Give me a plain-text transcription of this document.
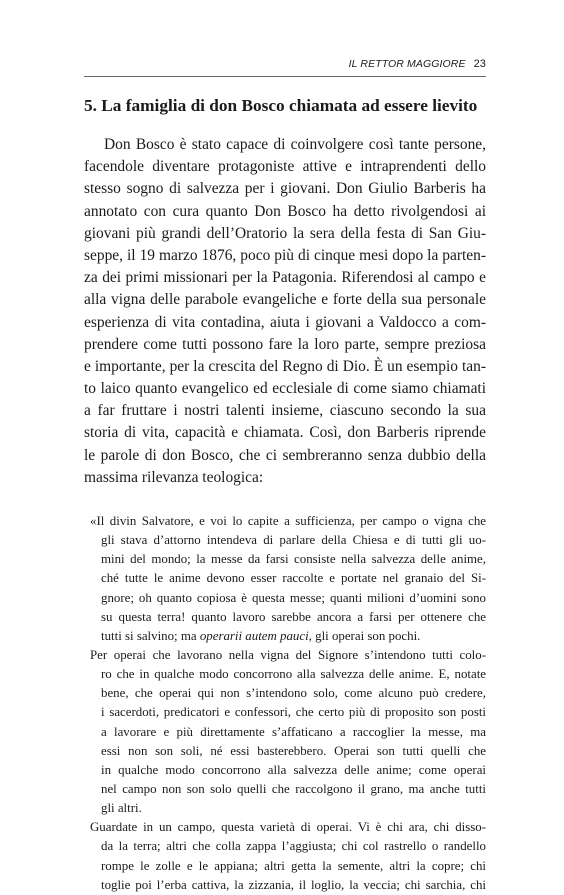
IL RETTOR MAGGIORE 23
5. La famiglia di don Bosco chiamata ad essere lievito
Don Bosco è stato capace di coinvolgere così tante persone,
facendole diventare protagoniste attive e intraprendenti dello
stesso sogno di salvezza per i giovani. Don Giulio Barberis ha
annotato con cura quanto Don Bosco ha detto rivolgendosi ai
giovani più grandi dell’Oratorio la sera della festa di San Giu-
seppe, il 19 marzo 1876, poco più di cinque mesi dopo la parten-
za dei primi missionari per la Patagonia. Riferendosi al campo e
alla vigna delle parabole evangeliche e forte della sua personale
esperienza di vita contadina, aiuta i giovani a Valdocco a com-
prendere come tutti possono fare la loro parte, sempre preziosa
e importante, per la crescita del Regno di Dio. È un esempio tan-
to laico quanto evangelico ed ecclesiale di come siamo chiamati
a far fruttare i nostri talenti insieme, ciascuno secondo la sua
storia di vita, capacità e chiamata. Così, don Barberis riprende
le parole di don Bosco, che ci sembreranno senza dubbio della
massima rilevanza teologica:
«Il divin Salvatore, e voi lo capite a sufficienza, per campo o vigna che
gli stava d’attorno intendeva di parlare della Chiesa e di tutti gli uo-
mini del mondo; la messe da farsi consiste nella salvezza delle anime,
ché tutte le anime devono esser raccolte e portate nel granaio del Si-
gnore; oh quanto copiosa è questa messe; quanti milioni d’uomini sono
su questa terra! quanto lavoro sarebbe ancora a farsi per ottenere che
tutti si salvino; ma operarii autem pauci, gli operai son pochi.
Per operai che lavorano nella vigna del Signore s’intendono tutti colo-
ro che in qualche modo concorrono alla salvezza delle anime. E, notate
bene, che operai qui non s’intendono solo, come alcuno può credere,
i sacerdoti, predicatori e confessori, che certo più di proposito son posti
a lavorare e più direttamente s’affaticano a raccoglier la messe, ma
essi non son soli, né essi basterebbero. Operai son tutti quelli che
in qualche modo concorrono alla salvezza delle anime; come operai
nel campo non son solo quelli che raccolgono il grano, ma anche tutti
gli altri.
Guardate in un campo, questa varietà di operai. Vi è chi ara, chi disso-
da la terra; altri che colla zappa l’aggiusta; chi col rastrello o randello
rompe le zolle e le appiana; altri getta la semente, altri la copre; chi
toglie poi l’erba cattiva, la zizzania, il loglio, la veccia; chi sarchia, chi
